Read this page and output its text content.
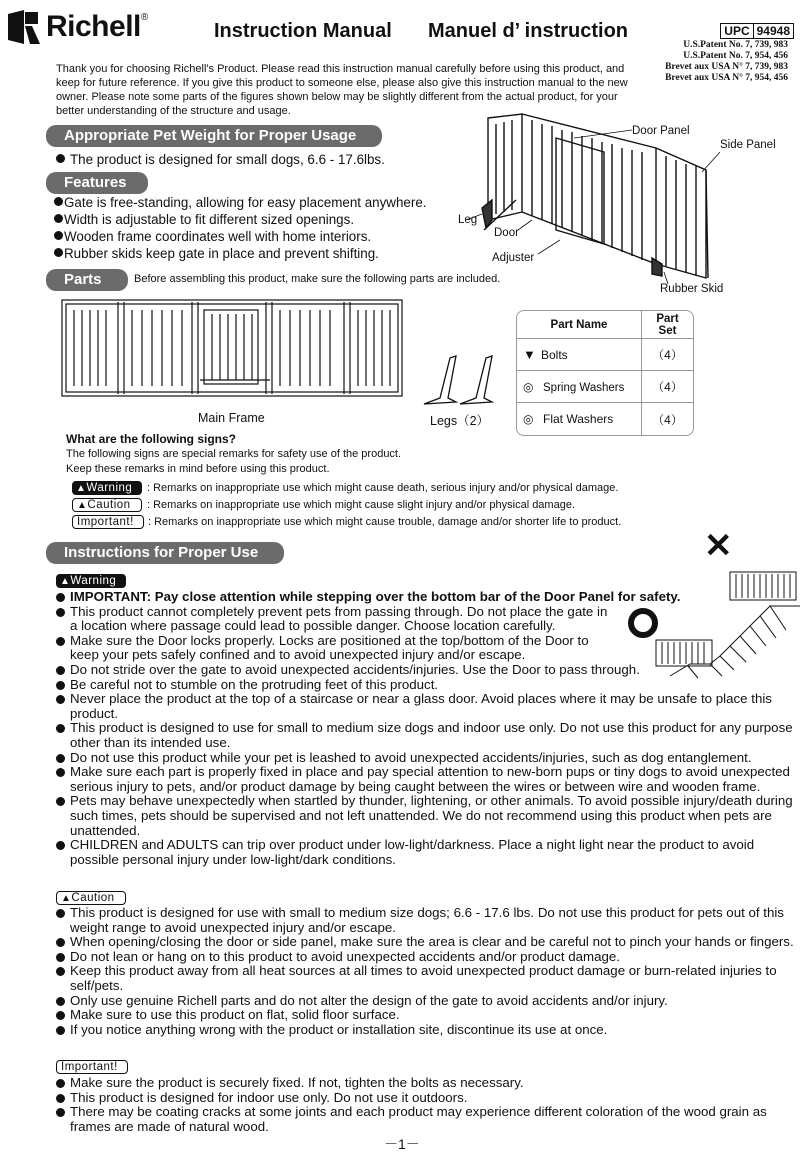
Richell ®
Instruction Manual Manuel d’ instruction	UPC 94948
U.S.Patent No. 7, 739, 983
U.S.Patent No. 7, 954, 456
Brevet aux USA N° 7, 739, 983
Brevet aux USA N° 7, 954, 456
Thank you for choosing Richell's Product. Please read this instruction manual carefully before using this product, and keep for future reference. If you give this product to someone else, please also give this instruction manual to the new owner. Please note some parts of the figures shown below may be slightly different from the actual product, for your better understanding of the structure and usage.
Appropriate Pet Weight for Proper Usage
The product is designed for small dogs, 6.6 - 17.6lbs.
Features
Gate is free-standing, allowing for easy placement anywhere.
Width is adjustable to fit different sized openings.
Wooden frame coordinates well with home interiors.
Rubber skids keep gate in place and prevent shifting.
Door Panel
Side Panel
Leg
Door
Adjuster
Rubber Skid
Parts	Before assembling this product, make sure the following parts are included.
Main Frame	Legs（2）
Part Name	Part Set
▼ Bolts	（4）
◎ Spring Washers	（4）
◎ Flat Washers	（4）
What are the following signs?
The following signs are special remarks for safety use of the product.
Keep these remarks in mind before using this product.
▲Warning	: Remarks on inappropriate use which might cause death, serious injury and/or physical damage.
▲Caution	: Remarks on inappropriate use which might cause slight injury and/or physical damage.
Important!	: Remarks on inappropriate use which might cause trouble, damage and/or shorter life to product.
Instructions for Proper Use
▲Warning
✕
IMPORTANT: Pay close attention while stepping over the bottom bar of the Door Panel for safety.
This product cannot completely prevent pets from passing through. Do not place the gate in a location where passage could lead to possible danger. Choose location carefully.
Make sure the Door locks properly. Locks are positioned at the top/bottom of the Door to keep your pets safely confined and to avoid unexpected injury and/or escape.
Do not stride over the gate to avoid unexpected accidents/injuries. Use the Door to pass through.
Be careful not to stumble on the protruding feet of this product.
Never place the product at the top of a staircase or near a glass door. Avoid places where it may be unsafe to place this product.
This product is designed to use for small to medium size dogs and indoor use only. Do not use this product for any purpose other than its intended use.
Do not use this product while your pet is leashed to avoid unexpected accidents/injuries, such as dog entanglement.
Make sure each part is properly fixed in place and pay special attention to new-born pups or tiny dogs to avoid unexpected serious injury to pets, and/or product damage by being caught between the wires or between wire and wooden frame.
Pets may behave unexpectedly when startled by thunder, lightening, or other animals. To avoid possible injury/death during such times, pets should be supervised and not left unattended. We do not recommend using this product when pets are unattended.
CHILDREN and ADULTS can trip over product under low-light/darkness. Place a night light near the product to avoid possible personal injury under low-light/dark conditions.
▲Caution
This product is designed for use with small to medium size dogs; 6.6 - 17.6 lbs. Do not use this product for pets out of this weight range to avoid unexpected injury and/or escape.
When opening/closing the door or side panel, make sure the area is clear and be careful not to pinch your hands or fingers.
Do not lean or hang on to this product to avoid unexpected accidents and/or product damage.
Keep this product away from all heat sources at all times to avoid unexpected product damage or burn-related injuries to self/pets.
Only use genuine Richell parts and do not alter the design of the gate to avoid accidents and/or injury.
Make sure to use this product on flat, solid floor surface.
If you notice anything wrong with the product or installation site, discontinue its use at once.
Important!
Make sure the product is securely fixed. If not, tighten the bolts as necessary.
This product is designed for indoor use only. Do not use it outdoors.
There may be coating cracks at some joints and each product may experience different coloration of the wood grain as frames are made of natural wood.
－1－
